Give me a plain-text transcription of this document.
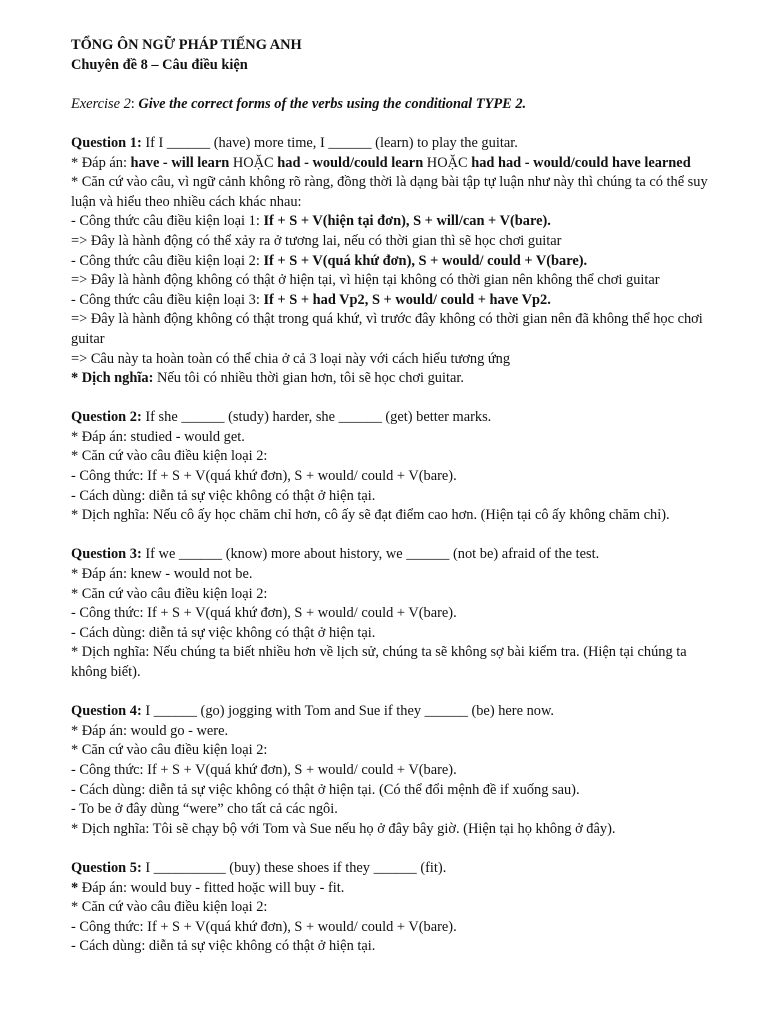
TỔNG ÔN NGỮ PHÁP TIẾNG ANH

Chuyên đề 8 – Câu điều kiện

Exercise 2: Give the correct forms of the verbs using the conditional TYPE 2.

Question 1: If I ______ (have) more time, I ______ (learn) to play the guitar.

* Đáp án: have - will learn HOẶC had - would/could learn HOẶC had had - would/could have learned

* Căn cứ vào câu, vì ngữ cảnh không rõ ràng, đồng thời là dạng bài tập tự luận như này thì chúng ta có thể suy luận và hiểu theo nhiều cách khác nhau:

- Công thức câu điều kiện loại 1: If + S + V(hiện tại đơn), S + will/can + V(bare).

=> Đây là hành động có thể xảy ra ở tương lai, nếu có thời gian thì sẽ học chơi guitar

- Công thức câu điều kiện loại 2: If + S + V(quá khứ đơn), S + would/ could + V(bare).

=> Đây là hành động không có thật ở hiện tại, vì hiện tại không có thời gian nên không thể chơi guitar

- Công thức câu điều kiện loại 3: If + S + had Vp2, S + would/ could + have Vp2.

=> Đây là hành động không có thật trong quá khứ, vì trước đây không có thời gian nên đã không thể học chơi guitar

=> Câu này ta hoàn toàn có thể chia ở cả 3 loại này với cách hiểu tương ứng

* Dịch nghĩa: Nếu tôi có nhiều thời gian hơn, tôi sẽ học chơi guitar.

Question 2: If she ______ (study) harder, she ______ (get) better marks.

* Đáp án: studied - would get.

* Căn cứ vào câu điều kiện loại 2:

- Công thức: If + S + V(quá khứ đơn), S + would/ could + V(bare).

- Cách dùng: diễn tả sự việc không có thật ở hiện tại.

* Dịch nghĩa: Nếu cô ấy học chăm chỉ hơn, cô ấy sẽ đạt điểm cao hơn. (Hiện tại cô ấy không chăm chỉ).

Question 3: If we ______ (know) more about history, we ______ (not be) afraid of the test.

* Đáp án: knew - would not be.

* Căn cứ vào câu điều kiện loại 2:

- Công thức: If + S + V(quá khứ đơn), S + would/ could + V(bare).

- Cách dùng: diễn tả sự việc không có thật ở hiện tại.

* Dịch nghĩa: Nếu chúng ta biết nhiều hơn về lịch sử, chúng ta sẽ không sợ bài kiểm tra. (Hiện tại chúng ta không biết).

Question 4: I ______ (go) jogging with Tom and Sue if they ______ (be) here now.

* Đáp án: would go - were.

* Căn cứ vào câu điều kiện loại 2:

- Công thức: If + S + V(quá khứ đơn), S + would/ could + V(bare).

- Cách dùng: diễn tả sự việc không có thật ở hiện tại. (Có thể đổi mệnh đề if xuống sau).

- To be ở đây dùng “were” cho tất cả các ngôi.

* Dịch nghĩa: Tôi sẽ chạy bộ với Tom và Sue nếu họ ở đây bây giờ. (Hiện tại họ không ở đây).

Question 5: I __________ (buy) these shoes if they ______ (fit).

* Đáp án: would buy - fitted hoặc will buy - fit.

* Căn cứ vào câu điều kiện loại 2:

- Công thức: If + S + V(quá khứ đơn), S + would/ could + V(bare).

- Cách dùng: diễn tả sự việc không có thật ở hiện tại.
